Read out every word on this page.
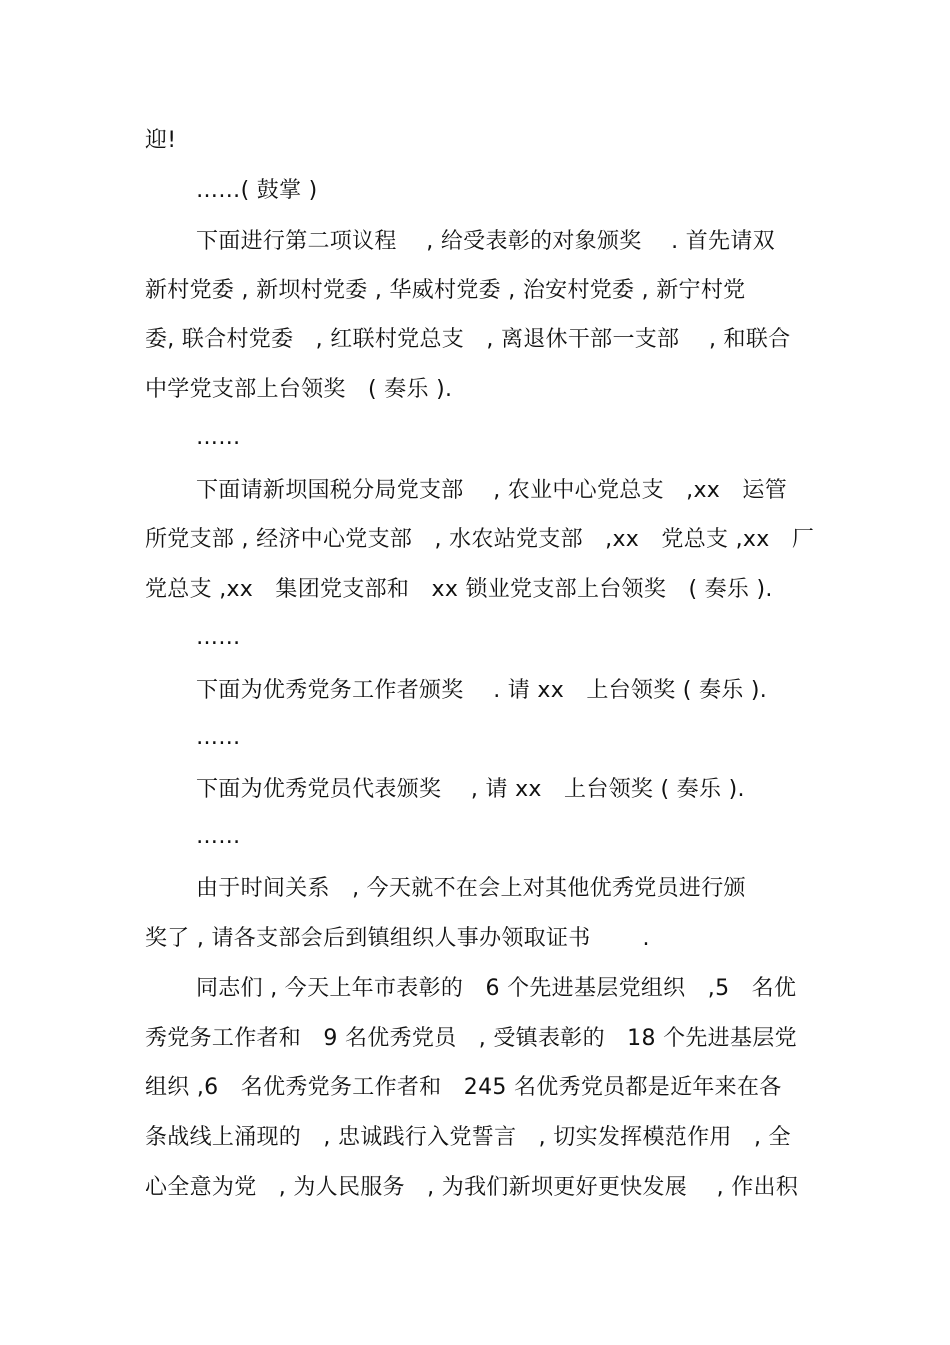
迎!
……( 鼓掌 )
下面进行第二项议程　 , 给受表彰的对象颁奖　 . 首先请双
新村党委 , 新坝村党委 , 华威村党委 , 治安村党委 , 新宁村党
委, 联合村党委　, 红联村党总支　, 离退休干部一支部　 , 和联合
中学党支部上台领奖　( 奏乐 ).
……
下面请新坝国税分局党支部　 , 农业中心党总支　,xx　运管
所党支部 , 经济中心党支部　, 水农站党支部　,xx　党总支 ,xx　厂
党总支 ,xx　集团党支部和　xx 锁业党支部上台领奖　( 奏乐 ).
……
下面为优秀党务工作者颁奖　 . 请 xx　上台领奖 ( 奏乐 ).
……
下面为优秀党员代表颁奖　 , 请 xx　上台领奖 ( 奏乐 ).
……
由于时间关系　, 今天就不在会上对其他优秀党员进行颁
奖了 , 请各支部会后到镇组织人事办领取证书　　 .
同志们 , 今天上年市表彰的　6 个先进基层党组织　,5　名优
秀党务工作者和　9 名优秀党员　, 受镇表彰的　18 个先进基层党
组织 ,6　名优秀党务工作者和　245 名优秀党员都是近年来在各
条战线上涌现的　, 忠诚践行入党誓言　, 切实发挥模范作用　, 全
心全意为党　, 为人民服务　, 为我们新坝更好更快发展　 , 作出积
